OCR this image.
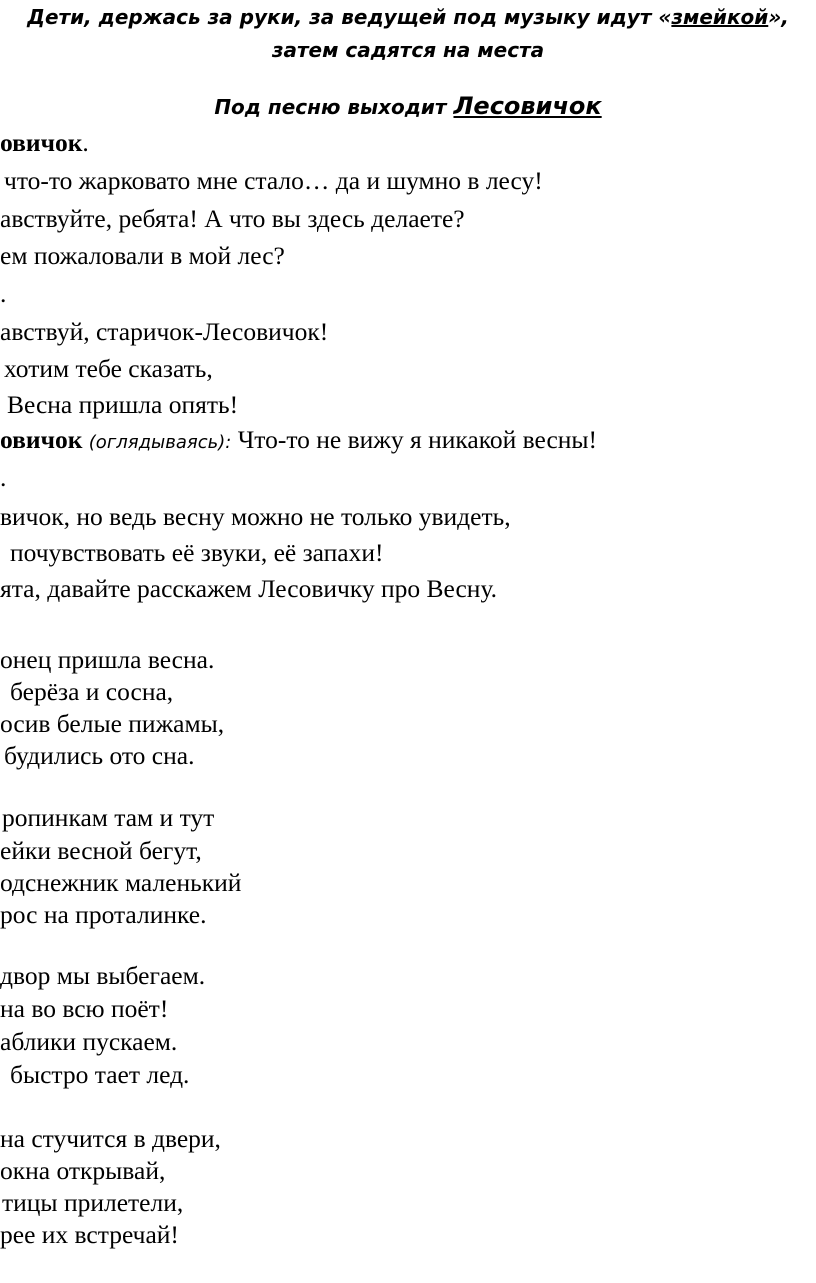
Дети, держась за руки, за ведущей под музыку идут «змейкой»,
затем садятся на места
Под песню выходит Лесовичок
овичок.
что-то жарковато мне стало… да и шумно в лесу!
авствуйте, ребята! А что вы здесь делаете?
ем пожаловали в мой лес?
.
авствуй, старичок-Лесовичок!
хотим тебе сказать,
Весна пришла опять!
овичок (оглядываясь): Что-то не вижу я никакой весны!
.
вичок, но ведь весну можно не только увидеть,
почувствовать её звуки, её запахи!
ята, давайте расскажем Лесовичку про Весну.
онец пришла весна.
берёза и сосна,
осив белые пижамы,
будились ото сна.
ропинкам там и тут
ейки весной бегут,
одснежник маленький
рос на проталинке.
двор мы выбегаем.
на во всю поёт!
аблики пускаем.
быстро тает лед.
на стучится в двери,
окна открывай,
тицы прилетели,
рее их встречай!
